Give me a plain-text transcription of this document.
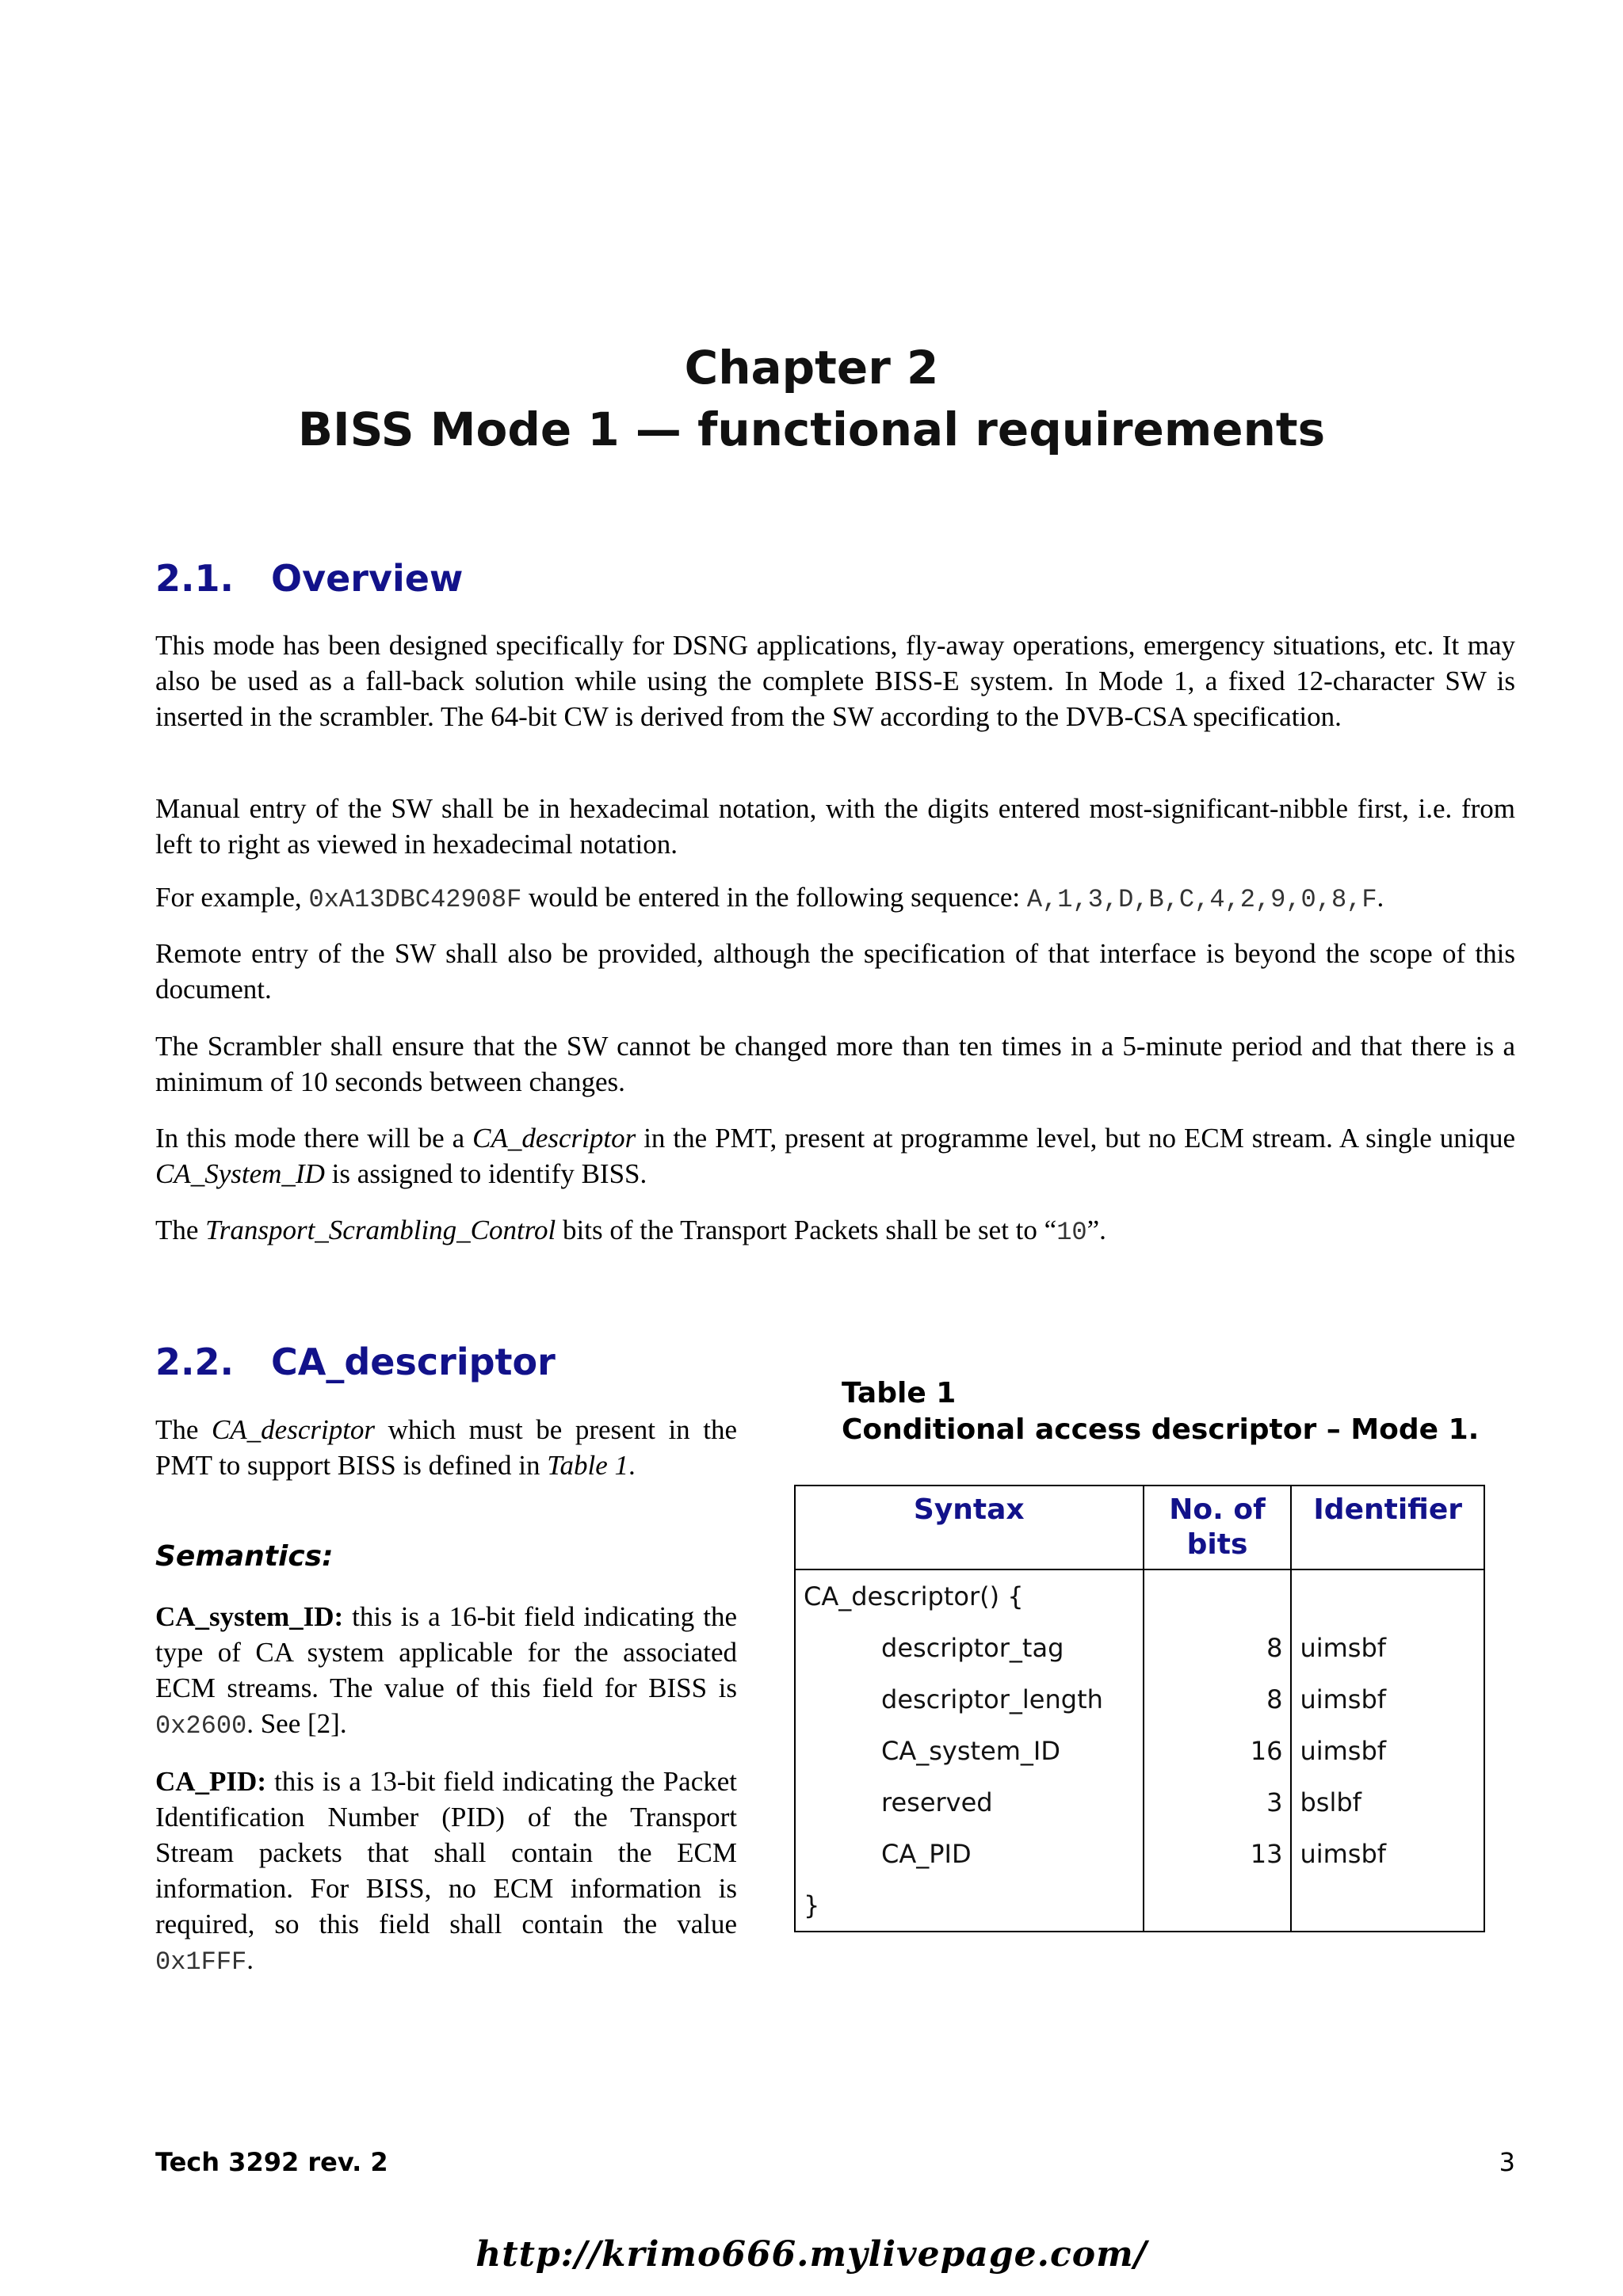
Chapter 2
BISS Mode 1 — functional requirements
2.1. Overview

This mode has been designed specifically for DSNG applications, fly-away operations, emergency situations, etc. It may also be used as a fall-back solution while using the complete BISS-E system. In Mode 1, a fixed 12-character SW is inserted in the scrambler. The 64-bit CW is derived from the SW according to the DVB-CSA specification.

Manual entry of the SW shall be in hexadecimal notation, with the digits entered most-significant-nibble first, i.e. from left to right as viewed in hexadecimal notation.

For example, 0xA13DBC42908F would be entered in the following sequence: A,1,3,D,B,C,4,2,9,0,8,F.

Remote entry of the SW shall also be provided, although the specification of that interface is beyond the scope of this document.

The Scrambler shall ensure that the SW cannot be changed more than ten times in a 5-minute period and that there is a minimum of 10 seconds between changes.

In this mode there will be a CA_descriptor in the PMT, present at programme level, but no ECM stream. A single unique CA_System_ID is assigned to identify BISS.

The Transport_Scrambling_Control bits of the Transport Packets shall be set to “10”.

2.2. CA_descriptor

The CA_descriptor which must be present in the PMT to support BISS is defined in Table 1.

Semantics:

CA_system_ID: this is a 16-bit field indicating the type of CA system applicable for the associated ECM streams. The value of this field for BISS is 0x2600. See [2].

CA_PID: this is a 13-bit field indicating the Packet Identification Number (PID) of the Transport Stream packets that shall contain the ECM information. For BISS, no ECM information is required, so this field shall contain the value 0x1FFF.

Table 1
Conditional access descriptor – Mode 1.
Syntax	No. of bits	Identifier
CA_descriptor() {		
descriptor_tag	8	uimsbf
descriptor_length	8	uimsbf
CA_system_ID	16	uimsbf
reserved	3	bslbf
CA_PID	13	uimsbf
}		
Tech 3292 rev. 2	3
http://krimo666.mylivepage.com/
